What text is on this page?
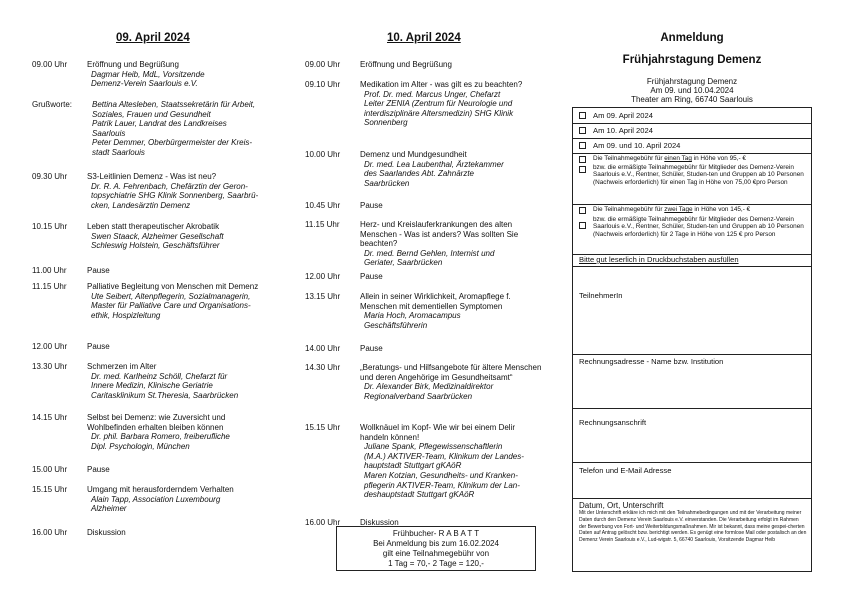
09. April 2024
09.00 Uhr	Eröffnung und Begrüßung
Dagmar Heib, MdL, Vorsitzende
Demenz-Verein Saarlouis e.V.
Grußworte:	Bettina Altesleben, Staatssekretärin für Arbeit,
Soziales, Frauen und Gesundheit
Patrik Lauer, Landrat des Landkreises
Saarlouis
Peter Demmer, Oberbürgermeister der Kreis-
stadt Saarlouis
09.30 Uhr	S3-Leitlinien Demenz - Was ist neu?
Dr. R. A. Fehrenbach, Chefärztin der Geron-
topsychiatrie SHG Klinik Sonnenberg, Saarbrü-
cken, Landesärztin Demenz
10.15 Uhr	Leben statt therapeutischer Akrobatik
Swen Staack, Alzheimer Gesellschaft
Schleswig Holstein, Geschäftsführer
11.00 Uhr	Pause
11.15 Uhr	Palliative Begleitung von Menschen mit Demenz
Ute Seibert, Altenpflegerin, Sozialmanagerin,
Master für Palliative Care und Organisations-
ethik, Hospizleitung
12.00 Uhr	Pause
13.30 Uhr	Schmerzen im Alter
Dr. med. Karlheinz Schöll, Chefarzt für
Innere Medizin, Klinische Geriatrie
Caritasklinikum St.Theresia, Saarbrücken
14.15 Uhr	Selbst bei Demenz: wie Zuversicht und Wohlbefinden erhalten bleiben können
Dr. phil. Barbara Romero, freiberufliche
Dipl. Psychologin, München
15.00 Uhr	Pause
15.15 Uhr	Umgang mit herausforderndem Verhalten
Alain Tapp, Association Luxembourg
Alzheimer
16.00 Uhr	Diskussion
10. April 2024
09.00 Uhr	Eröffnung und Begrüßung
09.10 Uhr	Medikation im Alter - was gilt es zu beachten?
Prof. Dr. med. Marcus Unger, Chefarzt
Leiter ZENIA (Zentrum für Neurologie und
interdisziplinäre Altersmedizin) SHG Klinik
Sonnenberg
10.00 Uhr	Demenz und Mundgesundheit
Dr. med. Lea Laubenthal, Ärztekammer
des Saarlandes Abt. Zahnärzte
Saarbrücken
10.45 Uhr	Pause
11.15 Uhr	Herz- und Kreislauferkrankungen des alten Menschen - Was ist anders? Was sollten Sie beachten?
Dr. med. Bernd Gehlen, Internist und
Geriater, Saarbrücken
12.00 Uhr	Pause
13.15 Uhr	Allein in seiner Wirklichkeit, Aromapflege f. Menschen mit dementiellen Symptomen
Maria Hoch, Aromacampus
Geschäftsführerin
14.00 Uhr	Pause
14.30 Uhr	„Beratungs- und Hilfsangebote für ältere Menschen und deren Angehörige im Gesundheitsamt“
Dr. Alexander Birk, Medizinaldirektor
Regionalverband Saarbrücken
15.15 Uhr	Wollknäuel im Kopf- Wie wir bei einem Delir handeln können!
Juliane Spank, Pflegewissenschaftlerin
(M.A.) AKTIVER-Team, Klinikum der Landes-
hauptstadt Stuttgart gKAöR
Maren Kotzian, Gesundheits- und Kranken-
pflegerin AKTIVER-Team, Klinikum der Lan-
deshauptstadt Stuttgart gKAöR
16.00 Uhr	Diskussion
Frühbucher- R A B A T T
Bei Anmeldung bis zum 16.02.2024
gilt eine Teilnahmegebühr von
1 Tag = 70,- 2 Tage = 120,-
Anmeldung
Frühjahrstagung Demenz
Frühjahrstagung Demenz
Am 09. und 10.04.2024
Theater am Ring, 66740 Saarlouis
Am 09. April 2024
Am 10. April 2024
Am 09. und 10. April 2024
Die Teilnahmegebühr für einen Tag in Höhe von 95,- €
bzw. die ermäßigte Teilnahmegebühr für Mitglieder des Demenz-Verein Saarlouis e.V., Rentner, Schüler, Studen-ten und Gruppen ab 10 Personen (Nachweis erforderlich) für einen Tag in Höhe von 75,00 €pro Person
Die Teilnahmegebühr für zwei Tage in Höhe von 145,- €
bzw. die ermäßigte Teilnahmegebühr für Mitglieder des Demenz-Verein Saarlouis e.V., Rentner, Schüler, Studen-ten und Gruppen ab 10 Personen (Nachweis erforderlich) für 2 Tage in Höhe von 125 € pro Person
Bitte gut leserlich in Druckbuchstaben ausfüllen
TeilnehmerIn
Rechnungsadresse - Name bzw. Institution
Rechnungsanschrift
Telefon und E-Mail Adresse
Datum, Ort, Unterschrift
Mit der Unterschrift erkläre ich mich mit den Teilnahmebedingungen und mit der Verarbeitung meiner Daten durch den Demenz Verein Saarlouis e.V. einverstanden. Die Verarbeitung erfolgt im Rahmen der Bewerbung von Fort- und Weiterbildungsmaßnahmen. Mir ist bekannt, dass meine gespei-cherten Daten auf Antrag gelöscht bzw. berichtigt werden. Es genügt eine formlose Mail oder postalisch an den Demenz Verein Saarlouis e.V., Lud-wigstr. 5, 66740 Saarlouis, Vorsitzende Dagmar Heib
